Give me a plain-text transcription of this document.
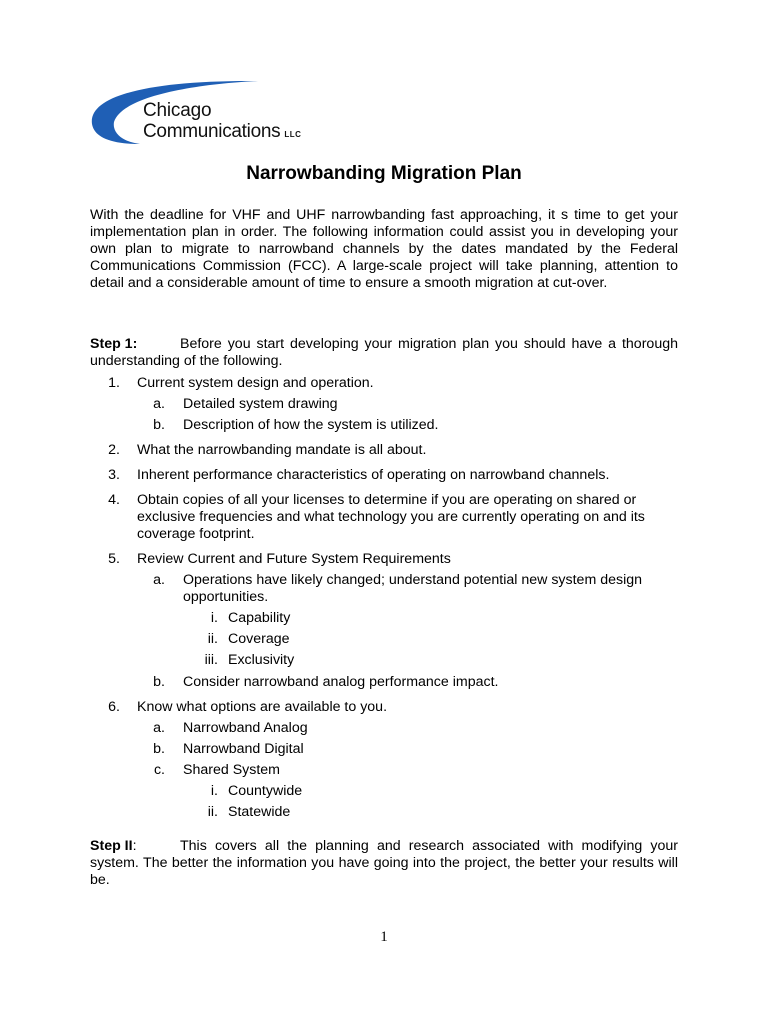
Chicago
Communications LLC
Narrowbanding Migration Plan
With the deadline for VHF and UHF narrowbanding fast approaching, it s time to get your implementation plan in order. The following information could assist you in developing your own plan to migrate to narrowband channels by the dates mandated by the Federal Communications Commission (FCC). A large-scale project will take planning, attention to detail and a considerable amount of time to ensure a smooth migration at cut-over.
Step 1:	Before you start developing your migration plan you should have a thorough understanding of the following.
1. Current system design and operation.
a. Detailed system drawing
b. Description of how the system is utilized.
2. What the narrowbanding mandate is all about.
3. Inherent performance characteristics of operating on narrowband channels.
4. Obtain copies of all your licenses to determine if you are operating on shared or exclusive frequencies and what technology you are currently operating on and its coverage footprint.
5. Review Current and Future System Requirements
a. Operations have likely changed; understand potential new system design opportunities.
i. Capability
ii. Coverage
iii. Exclusivity
b. Consider narrowband analog performance impact.
6. Know what options are available to you.
a. Narrowband Analog
b. Narrowband Digital
c. Shared System
i. Countywide
ii. Statewide
Step II:	This covers all the planning and research associated with modifying your system. The better the information you have going into the project, the better your results will be.
1
